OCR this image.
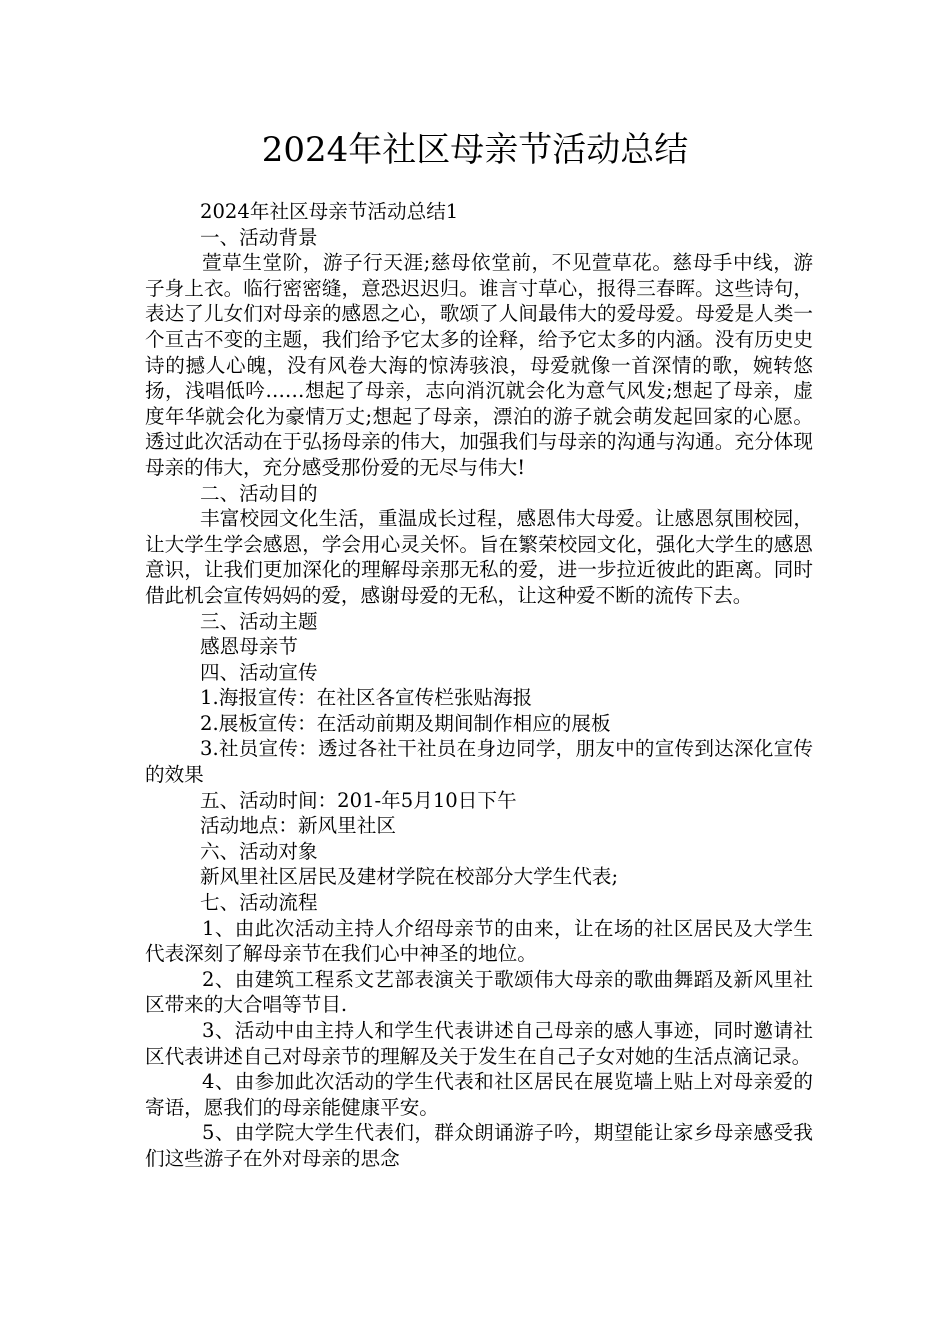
2024年社区母亲节活动总结

2024年社区母亲节活动总结1

一、活动背景

萱草生堂阶，游子行天涯;慈母依堂前，不见萱草花。慈母手中线，游子身上衣。临行密密缝，意恐迟迟归。谁言寸草心，报得三春晖。这些诗句，表达了儿女们对母亲的感恩之心，歌颂了人间最伟大的爱母爱。母爱是人类一个亘古不变的主题，我们给予它太多的诠释，给予它太多的内涵。没有历史史诗的撼人心魄，没有风卷大海的惊涛骇浪，母爱就像一首深情的歌，婉转悠扬，浅唱低吟……想起了母亲，志向消沉就会化为意气风发;想起了母亲，虚度年华就会化为豪情万丈;想起了母亲，漂泊的游子就会萌发起回家的心愿。透过此次活动在于弘扬母亲的伟大，加强我们与母亲的沟通与沟通。充分体现母亲的伟大，充分感受那份爱的无尽与伟大!

二、活动目的

丰富校园文化生活，重温成长过程，感恩伟大母爱。让感恩氛围校园，让大学生学会感恩，学会用心灵关怀。旨在繁荣校园文化，强化大学生的感恩意识，让我们更加深化的理解母亲那无私的爱，进一步拉近彼此的距离。同时借此机会宣传妈妈的爱，感谢母爱的无私，让这种爱不断的流传下去。

三、活动主题

感恩母亲节

四、活动宣传

1.海报宣传：在社区各宣传栏张贴海报

2.展板宣传：在活动前期及期间制作相应的展板

3.社员宣传：透过各社干社员在身边同学，朋友中的宣传到达深化宣传的效果

五、活动时间：201-年5月10日下午

活动地点：新风里社区

六、活动对象

新风里社区居民及建材学院在校部分大学生代表;

七、活动流程

1、由此次活动主持人介绍母亲节的由来，让在场的社区居民及大学生代表深刻了解母亲节在我们心中神圣的地位。

2、由建筑工程系文艺部表演关于歌颂伟大母亲的歌曲舞蹈及新风里社区带来的大合唱等节目.

3、活动中由主持人和学生代表讲述自己母亲的感人事迹，同时邀请社区代表讲述自己对母亲节的理解及关于发生在自己子女对她的生活点滴记录。

4、由参加此次活动的学生代表和社区居民在展览墙上贴上对母亲爱的寄语，愿我们的母亲能健康平安。

5、由学院大学生代表们，群众朗诵游子吟，期望能让家乡母亲感受我们这些游子在外对母亲的思念
